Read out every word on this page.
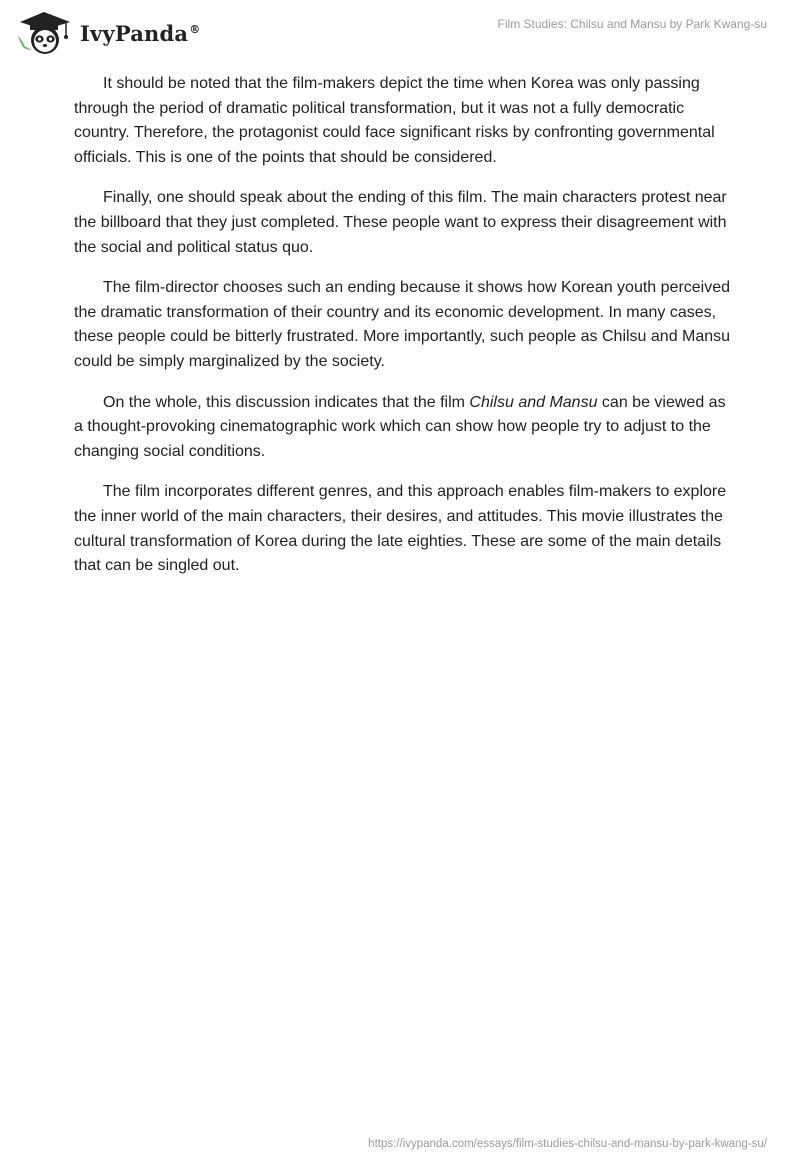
IvyPanda®	Film Studies: Chilsu and Mansu by Park Kwang-su

It should be noted that the film-makers depict the time when Korea was only passing through the period of dramatic political transformation, but it was not a fully democratic country. Therefore, the protagonist could face significant risks by confronting governmental officials. This is one of the points that should be considered.

Finally, one should speak about the ending of this film. The main characters protest near the billboard that they just completed. These people want to express their disagreement with the social and political status quo.

The film-director chooses such an ending because it shows how Korean youth perceived the dramatic transformation of their country and its economic development. In many cases, these people could be bitterly frustrated. More importantly, such people as Chilsu and Mansu could be simply marginalized by the society.

On the whole, this discussion indicates that the film Chilsu and Mansu can be viewed as a thought-provoking cinematographic work which can show how people try to adjust to the changing social conditions.

The film incorporates different genres, and this approach enables film-makers to explore the inner world of the main characters, their desires, and attitudes. This movie illustrates the cultural transformation of Korea during the late eighties. These are some of the main details that can be singled out.

https://ivypanda.com/essays/film-studies-chilsu-and-mansu-by-park-kwang-su/
